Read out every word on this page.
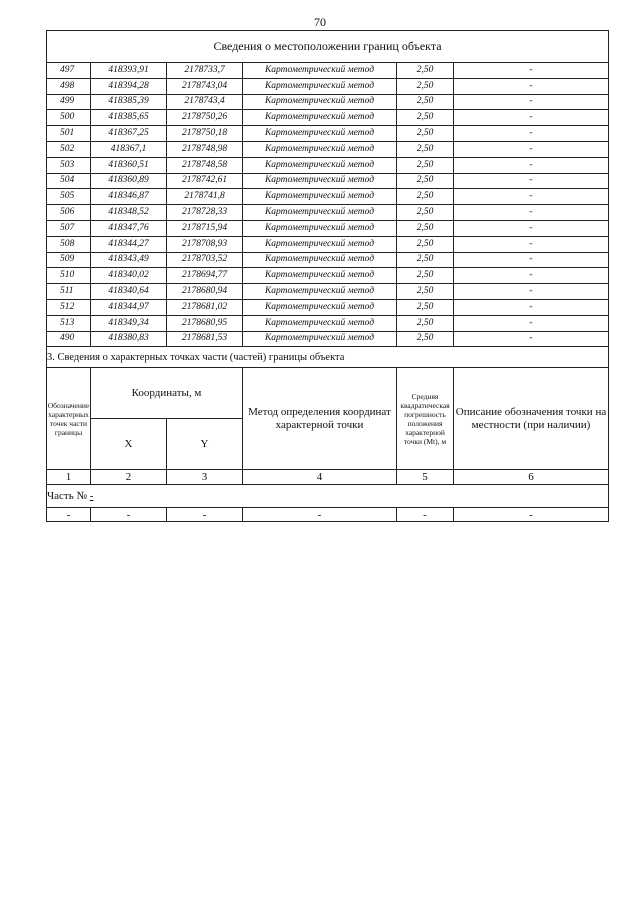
70
Сведения о местоположении границ объекта					
497	418393,91	2178733,7	Картометрический метод	2,50	-
498	418394,28	2178743,04	Картометрический метод	2,50	-
499	418385,39	2178743,4	Картометрический метод	2,50	-
500	418385,65	2178750,26	Картометрический метод	2,50	-
501	418367,25	2178750,18	Картометрический метод	2,50	-
502	418367,1	2178748,98	Картометрический метод	2,50	-
503	418360,51	2178748,58	Картометрический метод	2,50	-
504	418360,89	2178742,61	Картометрический метод	2,50	-
505	418346,87	2178741,8	Картометрический метод	2,50	-
506	418348,52	2178728,33	Картометрический метод	2,50	-
507	418347,76	2178715,94	Картометрический метод	2,50	-
508	418344,27	2178708,93	Картометрический метод	2,50	-
509	418343,49	2178703,52	Картометрический метод	2,50	-
510	418340,02	2178694,77	Картометрический метод	2,50	-
511	418340,64	2178680,94	Картометрический метод	2,50	-
512	418344,97	2178681,02	Картометрический метод	2,50	-
513	418349,34	2178680,95	Картометрический метод	2,50	-
490	418380,83	2178681,53	Картометрический метод	2,50	-
3. Сведения о характерных точках части (частей) границы объекта					
Обозначение характерных точек части границы	Координаты, м		Метод определения координат характерной точки	Средняя квадратическая погрешность положения характерной точки (Mt), м	Описание обозначения точки на местности (при наличии)
	X	Y			
1	2	3	4	5	6
Часть № -					
-	-	-	-	-	-
